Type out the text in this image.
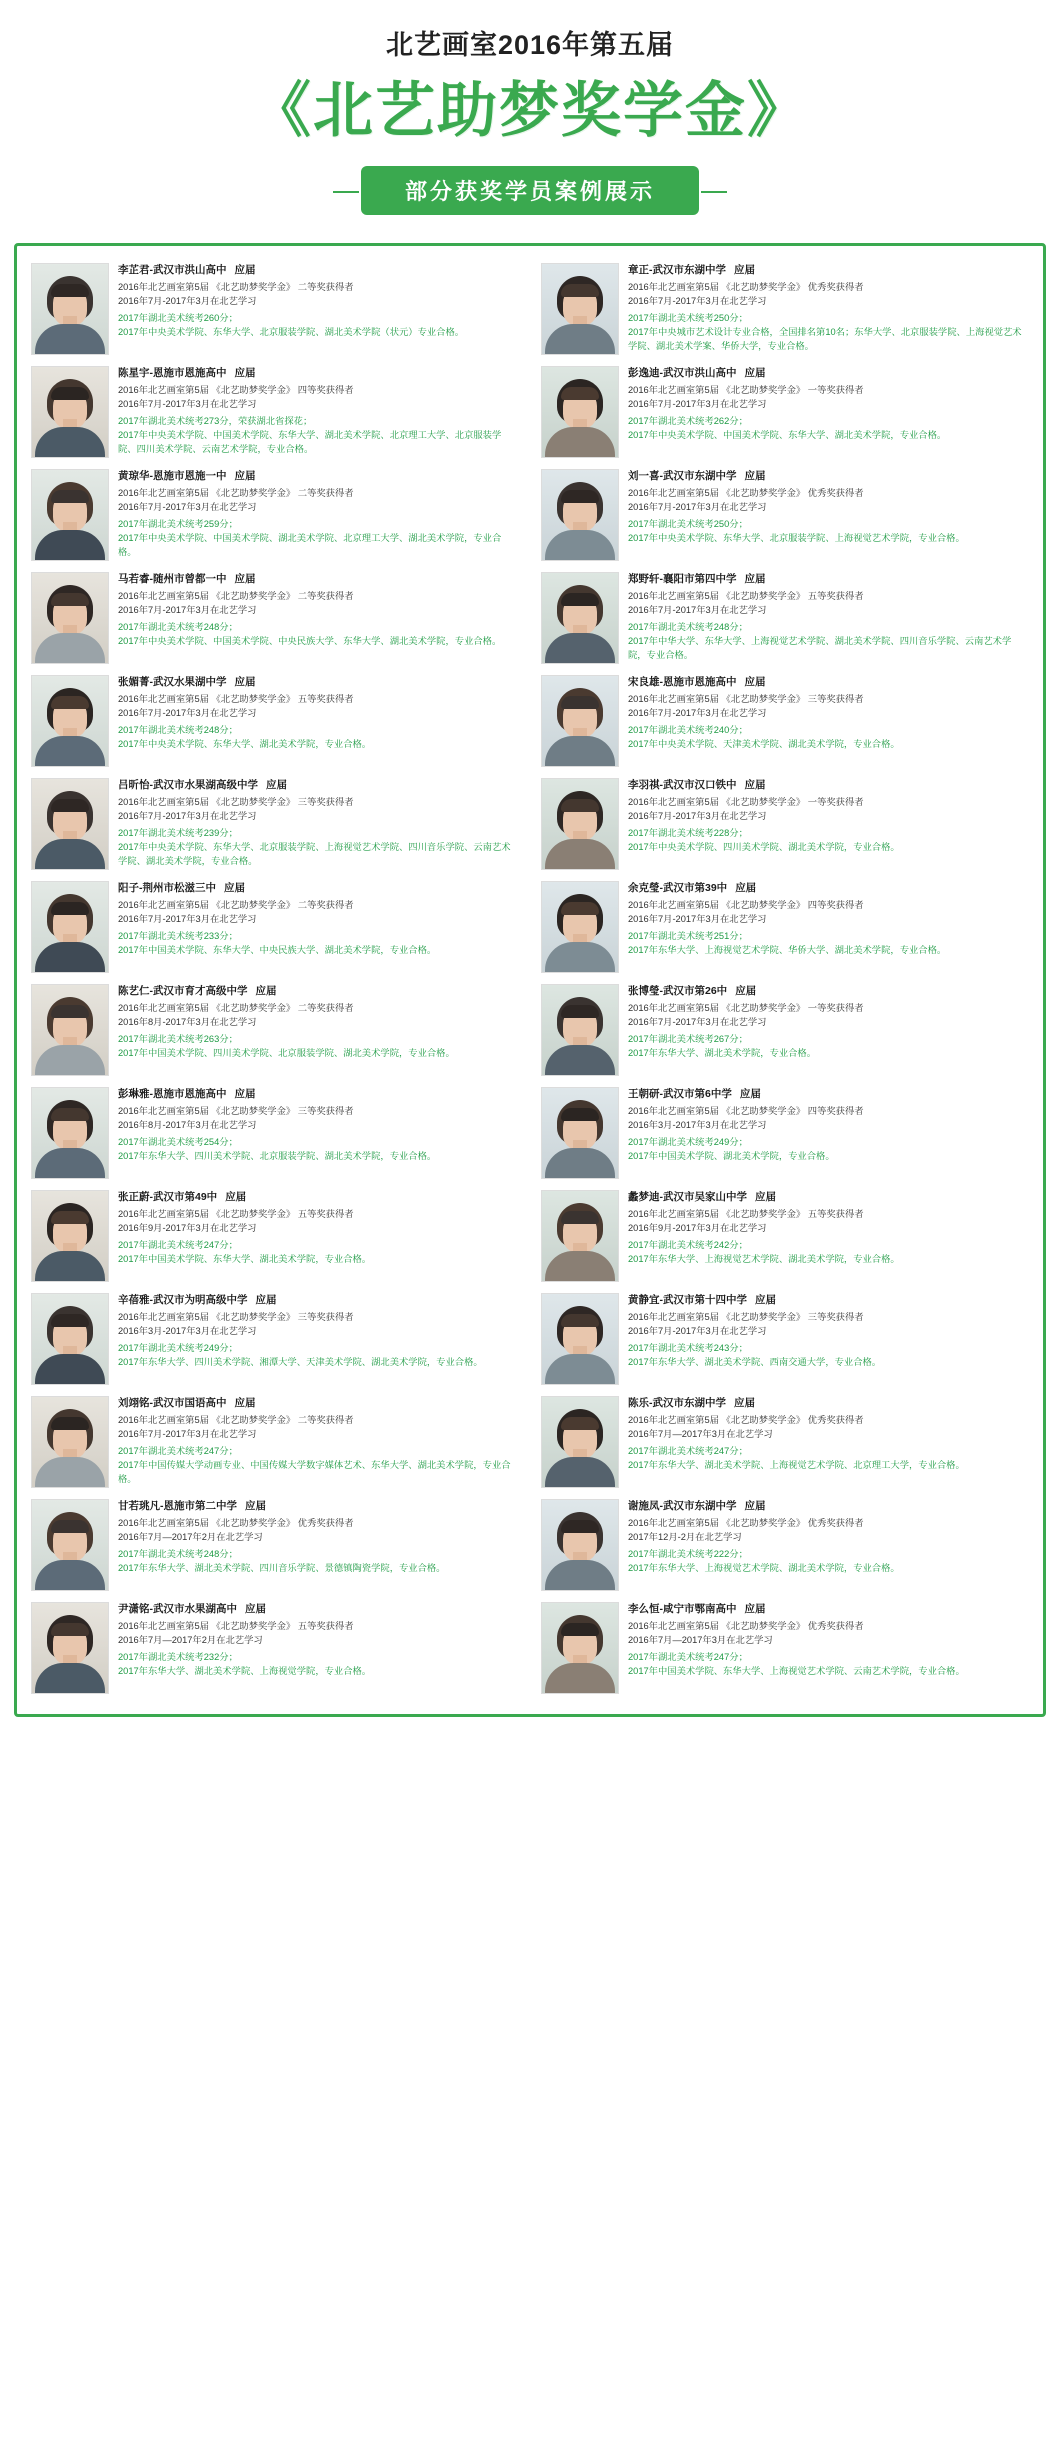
北艺画室2016年第五届
《北艺助梦奖学金》
部分获奖学员案例展示
李芷君-武汉市洪山高中 应届
2016年北艺画室第5届 《北艺助梦奖学金》 二等奖获得者
2016年7月-2017年3月在北艺学习
2017年湖北美术统考260分；
2017年中央美术学院、东华大学、北京服装学院、湖北美术学院（状元）专业合格。
章正-武汉市东湖中学 应届
2016年北艺画室第5届 《北艺助梦奖学金》 优秀奖获得者
2016年7月-2017年3月在北艺学习
2017年湖北美术统考250分；
2017年中央城市艺术设计专业合格，全国排名第10名；东华大学、北京服装学院、上海视觉艺术学院、湖北美术学案、华侨大学，专业合格。
陈星宇-恩施市恩施高中 应届
2016年北艺画室第5届 《北艺助梦奖学金》 四等奖获得者
2016年7月-2017年3月在北艺学习
2017年湖北美术统考273分，荣获湖北省探花；
2017年中央美术学院、中国美术学院、东华大学、湖北美术学院、北京理工大学、北京服装学院、四川美术学院、云南艺术学院，专业合格。
彭逸迪-武汉市洪山高中 应届
2016年北艺画室第5届 《北艺助梦奖学金》 一等奖获得者
2016年7月-2017年3月在北艺学习
2017年湖北美术统考262分；
2017年中央美术学院、中国美术学院、东华大学、湖北美术学院，专业合格。
黄琼华-恩施市恩施一中 应届
2016年北艺画室第5届 《北艺助梦奖学金》 二等奖获得者
2016年7月-2017年3月在北艺学习
2017年湖北美术统考259分；
2017年中央美术学院、中国美术学院、湖北美术学院、北京理工大学、湖北美术学院，专业合格。
刘一喜-武汉市东湖中学 应届
2016年北艺画室第5届 《北艺助梦奖学金》 优秀奖获得者
2016年7月-2017年3月在北艺学习
2017年湖北美术统考250分；
2017年中央美术学院、东华大学、北京服装学院、上海视觉艺术学院，专业合格。
马若睿-随州市曾都一中 应届
2016年北艺画室第5届 《北艺助梦奖学金》 二等奖获得者
2016年7月-2017年3月在北艺学习
2017年湖北美术统考248分；
2017年中央美术学院、中国美术学院、中央民族大学、东华大学、湖北美术学院，专业合格。
郑野轩-襄阳市第四中学 应届
2016年北艺画室第5届 《北艺助梦奖学金》 五等奖获得者
2016年7月-2017年3月在北艺学习
2017年湖北美术统考248分；
2017年中华大学、东华大学、上海视觉艺术学院、湖北美术学院、四川音乐学院、云南艺术学院，专业合格。
张媚菁-武汉水果湖中学 应届
2016年北艺画室第5届 《北艺助梦奖学金》 五等奖获得者
2016年7月-2017年3月在北艺学习
2017年湖北美术统考248分；
2017年中央美术学院、东华大学、湖北美术学院，专业合格。
宋良雄-恩施市恩施高中 应届
2016年北艺画室第5届 《北艺助梦奖学金》 三等奖获得者
2016年7月-2017年3月在北艺学习
2017年湖北美术统考240分；
2017年中央美术学院、天津美术学院、湖北美术学院，专业合格。
吕昕怡-武汉市水果湖高级中学 应届
2016年北艺画室第5届 《北艺助梦奖学金》 三等奖获得者
2016年7月-2017年3月在北艺学习
2017年湖北美术统考239分；
2017年中央美术学院、东华大学、北京服装学院、上海视觉艺术学院、四川音乐学院、云南艺术学院、湖北美术学院，专业合格。
李羽祺-武汉市汉口铁中 应届
2016年北艺画室第5届 《北艺助梦奖学金》 一等奖获得者
2016年7月-2017年3月在北艺学习
2017年湖北美术统考228分；
2017年中央美术学院、四川美术学院、湖北美术学院，专业合格。
阳子-荆州市松滋三中 应届
2016年北艺画室第5届 《北艺助梦奖学金》 二等奖获得者
2016年7月-2017年3月在北艺学习
2017年湖北美术统考233分；
2017年中国美术学院、东华大学、中央民族大学、湖北美术学院，专业合格。
余克瑩-武汉市第39中 应届
2016年北艺画室第5届 《北艺助梦奖学金》 四等奖获得者
2016年7月-2017年3月在北艺学习
2017年湖北美术统考251分；
2017年东华大学、上海视觉艺术学院、华侨大学、湖北美术学院，专业合格。
陈艺仁-武汉市育才高级中学 应届
2016年北艺画室第5届 《北艺助梦奖学金》 二等奖获得者
2016年8月-2017年3月在北艺学习
2017年湖北美术统考263分；
2017年中国美术学院、四川美术学院、北京服装学院、湖北美术学院，专业合格。
张博瑩-武汉市第26中 应届
2016年北艺画室第5届 《北艺助梦奖学金》 一等奖获得者
2016年7月-2017年3月在北艺学习
2017年湖北美术统考267分；
2017年东华大学、湖北美术学院，专业合格。
彭琳雅-恩施市恩施高中 应届
2016年北艺画室第5届 《北艺助梦奖学金》 三等奖获得者
2016年8月-2017年3月在北艺学习
2017年湖北美术统考254分；
2017年东华大学、四川美术学院、北京服装学院、湖北美术学院，专业合格。
王朝研-武汉市第6中学 应届
2016年北艺画室第5届 《北艺助梦奖学金》 四等奖获得者
2016年3月-2017年3月在北艺学习
2017年湖北美术统考249分；
2017年中国美术学院、湖北美术学院，专业合格。
张正蔚-武汉市第49中 应届
2016年北艺画室第5届 《北艺助梦奖学金》 五等奖获得者
2016年9月-2017年3月在北艺学习
2017年湖北美术统考247分；
2017年中国美术学院、东华大学、湖北美术学院，专业合格。
蠡梦迪-武汉市吴家山中学 应届
2016年北艺画室第5届 《北艺助梦奖学金》 五等奖获得者
2016年9月-2017年3月在北艺学习
2017年湖北美术统考242分；
2017年东华大学、上海视觉艺术学院、湖北美术学院，专业合格。
辛蓓雅-武汉市为明高级中学 应届
2016年北艺画室第5届 《北艺助梦奖学金》 三等奖获得者
2016年3月-2017年3月在北艺学习
2017年湖北美术统考249分；
2017年东华大学、四川美术学院、湘潭大学、天津美术学院、湖北美术学院，专业合格。
黄静宜-武汉市第十四中学 应届
2016年北艺画室第5届 《北艺助梦奖学金》 三等奖获得者
2016年7月-2017年3月在北艺学习
2017年湖北美术统考243分；
2017年东华大学、湖北美术学院、西南交通大学，专业合格。
刘翊铭-武汉市国语高中 应届
2016年北艺画室第5届 《北艺助梦奖学金》 二等奖获得者
2016年7月-2017年3月在北艺学习
2017年湖北美术统考247分；
2017年中国传媒大学动画专业、中国传媒大学数字媒体艺术、东华大学、湖北美术学院，专业合格。
陈乐-武汉市东湖中学 应届
2016年北艺画室第5届 《北艺助梦奖学金》 优秀奖获得者
2016年7月—2017年3月在北艺学习
2017年湖北美术统考247分；
2017年东华大学、湖北美术学院、上海视觉艺术学院、北京理工大学，专业合格。
甘若珧凡-恩施市第二中学 应届
2016年北艺画室第5届 《北艺助梦奖学金》 优秀奖获得者
2016年7月—2017年2月在北艺学习
2017年湖北美术统考248分；
2017年东华大学、湖北美术学院、四川音乐学院、景德镇陶瓷学院，专业合格。
谢施凤-武汉市东湖中学 应届
2016年北艺画室第5届 《北艺助梦奖学金》 优秀奖获得者
2017年12月-2月在北艺学习
2017年湖北美术统考222分；
2017年东华大学、上海视觉艺术学院、湖北美术学院，专业合格。
尹潇铭-武汉市水果湖高中 应届
2016年北艺画室第5届 《北艺助梦奖学金》 五等奖获得者
2016年7月—2017年2月在北艺学习
2017年湖北美术统考232分；
2017年东华大学、湖北美术学院、上海视觉学院，专业合格。
李么恒-咸宁市鄂南高中 应届
2016年北艺画室第5届 《北艺助梦奖学金》 优秀奖获得者
2016年7月—2017年3月在北艺学习
2017年湖北美术统考247分；
2017年中国美术学院、东华大学、上海视觉艺术学院、云南艺术学院，专业合格。
